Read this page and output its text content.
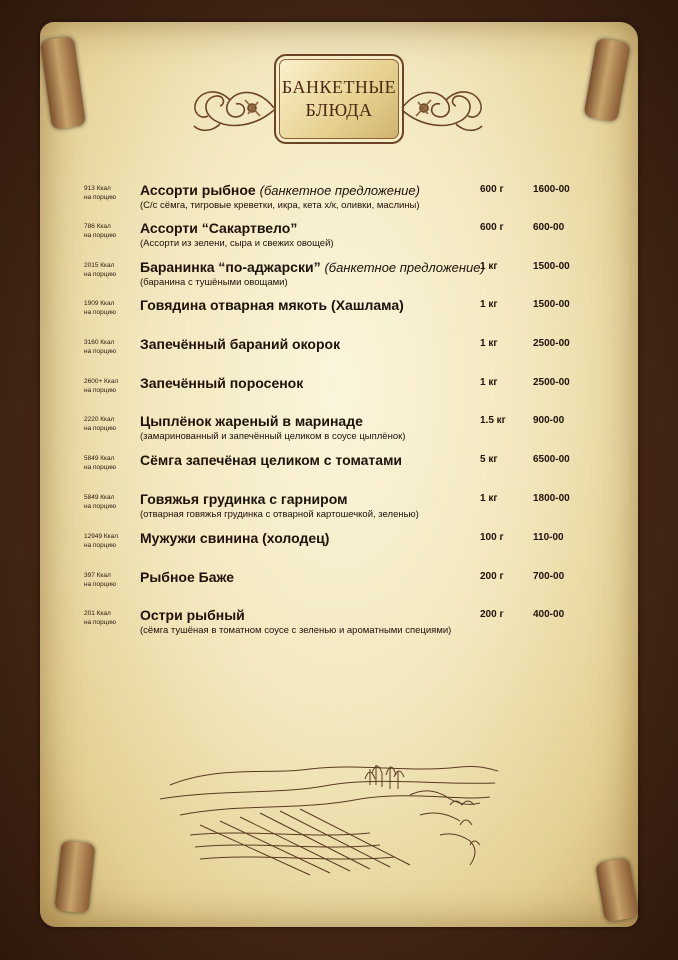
БАНКЕТНЫЕ
БЛЮДА
913 Ккал
на порцию Ассорти рыбное (банкетное предложение)
(С/с сёмга, тигровые креветки, икра, кета х/к, оливки, маслины)
600 г	1600-00
786 Ккал
на порцию Ассорти “Сакартвело”
(Ассорти из зелени, сыра и свежих овощей)
600 г	600-00
2015 Ккал
на порцию Баранинка “по-аджарски” (банкетное предложение)
(баранина с тушёными овощами)
1 кг	1500-00
1909 Ккал
на порцию Говядина отварная мякоть (Хашлама)	1 кг	1500-00
3160 Ккал
на порцию Запечённый бараний окорок	1 кг	2500-00
2600+ Ккал
на порцию Запечённый поросенок	1 кг	2500-00
2220 Ккал
на порцию Цыплёнок жареный в маринаде
(замаринованный и запечённый целиком в соусе цыплёнок)
1.5 кг	900-00
5849 Ккал
на порцию Сёмга запечёная целиком с томатами	5 кг	6500-00
5849 Ккал
на порцию Говяжья грудинка с гарниром
(отварная говяжья грудинка с отварной картошечкой, зеленью)
1 кг	1800-00
12949 Ккал
на порцию Мужужи свинина (холодец)	100 г	110-00
397 Ккал
на порцию Рыбное Баже	200 г	700-00
201 Ккал
на порцию Остри рыбный
(сёмга тушёная в томатном соусе с зеленью и ароматными специями)
200 г	400-00
